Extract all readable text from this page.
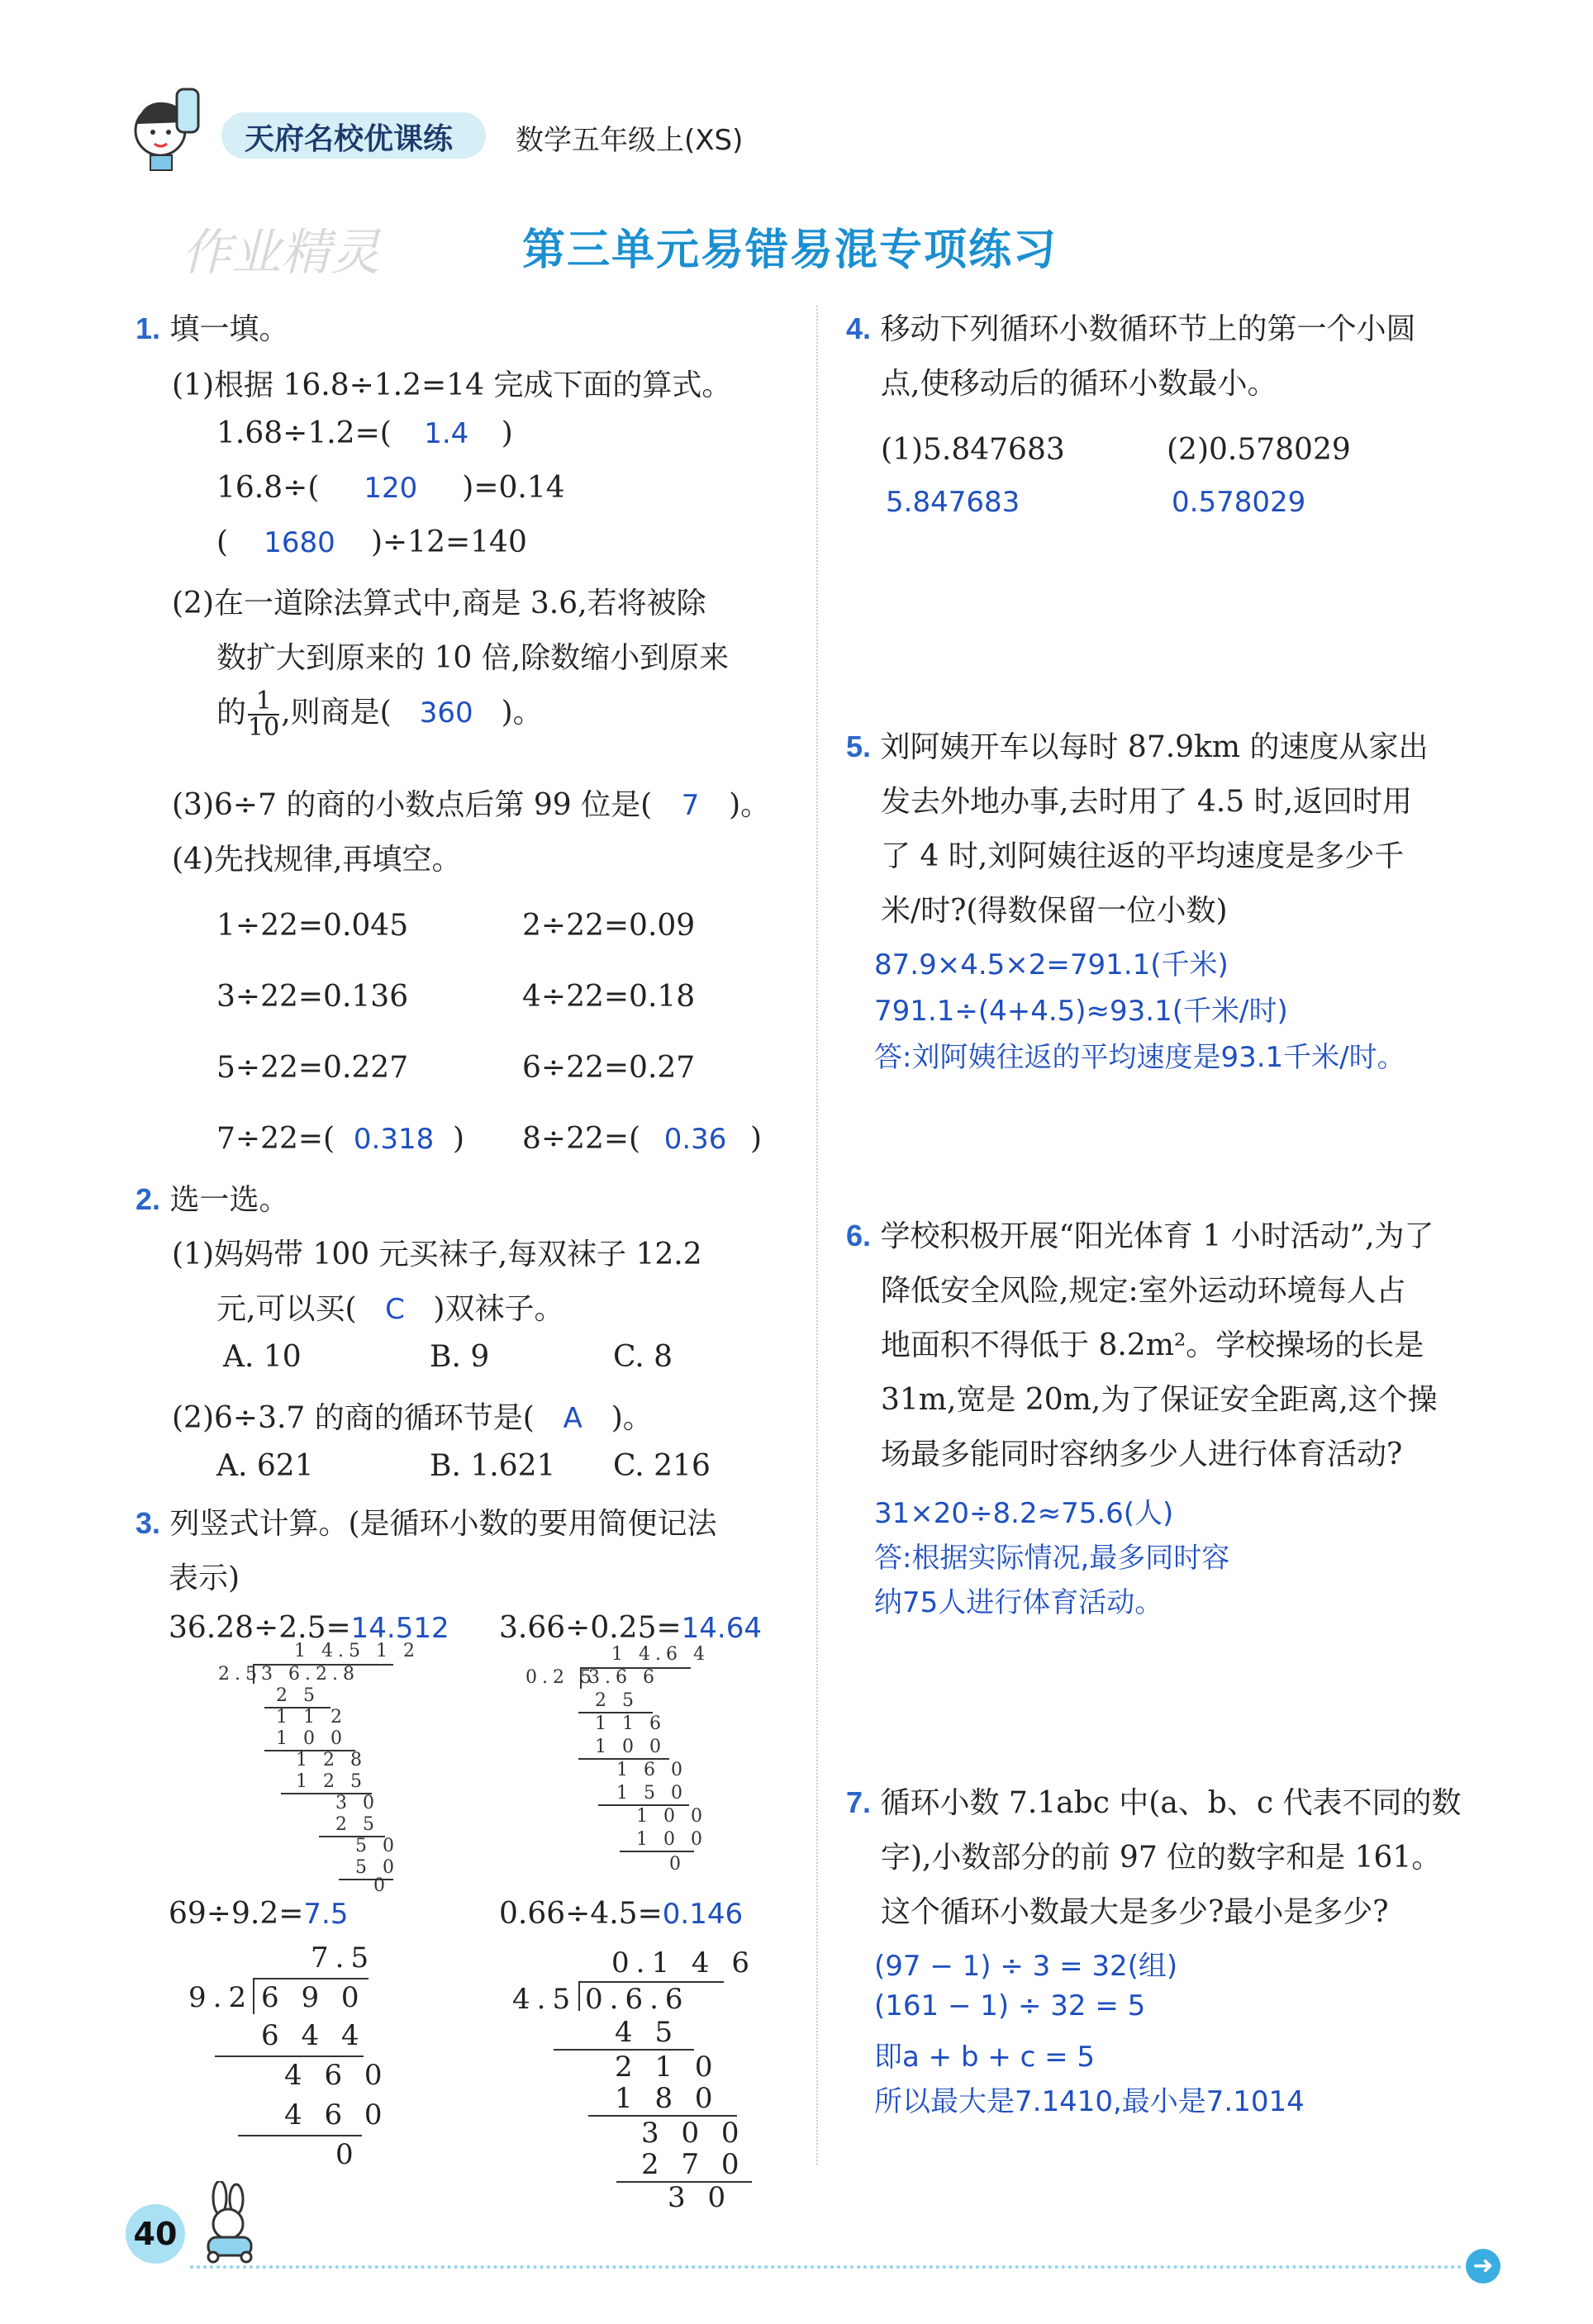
天府名校优课练 数学五年级上(XS)
作业精灵	第三单元易错易混专项练习
1. 填一填。
(1)根据 16.8÷1.2=14 完成下面的算式。
1.68÷1.2=( 1.4 )
16.8÷( 120 )=0.14
( 1680 )÷12=140
(2)在一道除法算式中,商是 3.6,若将被除
数扩大到原来的 10 倍,除数缩小到原来
的 $\frac{1}{10}$ ,则商是( 360 )。
(3)6÷7 的商的小数点后第 99 位是( 7 )。
(4)先找规律,再填空。
1÷22=0.045	2÷22=0.09
3÷22=0.136	4÷22=0.18
5÷22=0.227	6÷22=0.27
7÷22=( 0.318 ) 8÷22=( 0.36 )
2. 选一选。
(1)妈妈带 100 元买袜子,每双袜子 12.2
元,可以买( C )双袜子。
A. 10	B. 9	C. 8
(2)6÷3.7 的商的循环节是( A )。
A. 621	B. 1.621 C. 216
3. 列竖式计算。(是循环小数的要用简便记法
表示)
36.28÷2.5=14.512 3.66÷0.25=14.64
1 4.5 1 2
2.5 3 6.2.8
2 5
1 1 2
1 0 0
1 2 8
1 2 5
3 0
2 5
5 0
5 0
0
1 4.6 4
0.2 5
3.6 6
2 5
1 1 6
1 0 0
1 6 0
1 5 0
1 0 0
1 0 0
0
69÷9.2=7.5	0.66÷4.5=0.146
7.5
9.2 6 9 0
6 4 4
4 6 0
4 6 0
0
0.1 4 6
4.5 0.6.6
4 5
2 1 0
1 8 0
3 0 0
2 7 0
3 0
4. 移动下列循环小数循环节上的第一个小圆
点,使移动后的循环小数最小。
(1)5.847683	(2)0.578029
5.847683	0.578029
5. 刘阿姨开车以每时 87.9km 的速度从家出
发去外地办事,去时用了 4.5 时,返回时用
了 4 时,刘阿姨往返的平均速度是多少千
米/时?(得数保留一位小数)
87.9×4.5×2=791.1(千米)
791.1÷(4+4.5)≈93.1(千米/时)
答:刘阿姨往返的平均速度是93.1千米/时。
6. 学校积极开展“阳光体育 1 小时活动”,为了
降低安全风险,规定:室外运动环境每人占
地面积不得低于 8.2m²。学校操场的长是
31m,宽是 20m,为了保证安全距离,这个操
场最多能同时容纳多少人进行体育活动?
31×20÷8.2≈75.6(人)
答:根据实际情况,最多同时容
纳75人进行体育活动。
7. 循环小数 7.1abc 中(a、b、c 代表不同的数
字),小数部分的前 97 位的数字和是 161。
这个循环小数最大是多少?最小是多少?
(97 − 1) ÷ 3 = 32(组)
(161 − 1) ÷ 32 = 5
即a + b + c = 5
所以最大是7.1410,最小是7.1014
40
➜
